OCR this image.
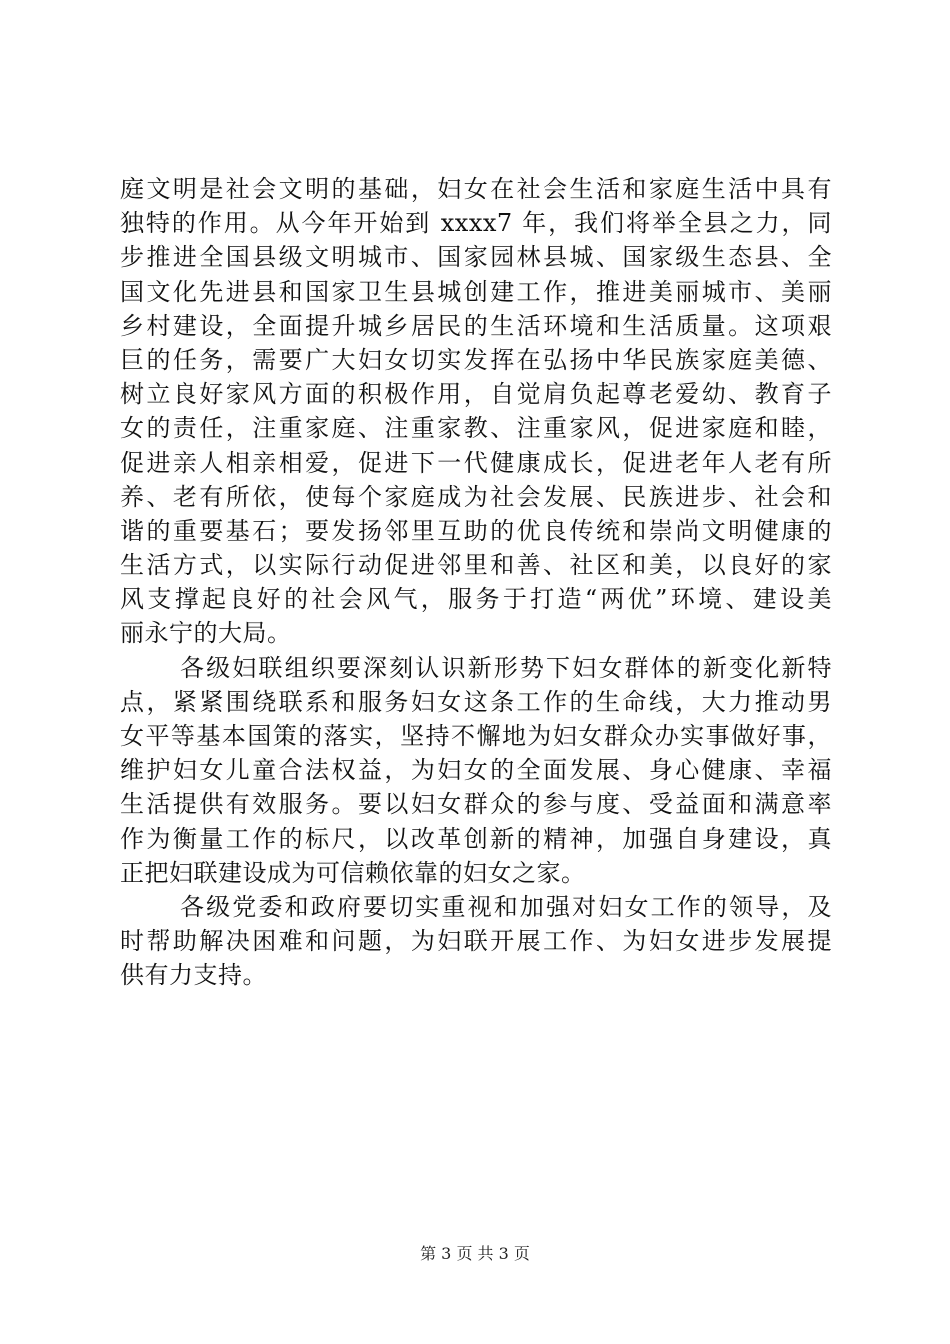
庭文明是社会文明的基础，妇女在社会生活和家庭生活中具有
独特的作用。从今年开始到 xxxx7 年，我们将举全县之力，同
步推进全国县级文明城市、国家园林县城、国家级生态县、全
国文化先进县和国家卫生县城创建工作，推进美丽城市、美丽
乡村建设，全面提升城乡居民的生活环境和生活质量。这项艰
巨的任务，需要广大妇女切实发挥在弘扬中华民族家庭美德、
树立良好家风方面的积极作用，自觉肩负起尊老爱幼、教育子
女的责任，注重家庭、注重家教、注重家风，促进家庭和睦，
促进亲人相亲相爱，促进下一代健康成长，促进老年人老有所
养、老有所依，使每个家庭成为社会发展、民族进步、社会和
谐的重要基石；要发扬邻里互助的优良传统和崇尚文明健康的
生活方式，以实际行动促进邻里和善、社区和美，以良好的家
风支撑起良好的社会风气，服务于打造“两优”环境、建设美
丽永宁的大局。
各级妇联组织要深刻认识新形势下妇女群体的新变化新特
点，紧紧围绕联系和服务妇女这条工作的生命线，大力推动男
女平等基本国策的落实，坚持不懈地为妇女群众办实事做好事，
维护妇女儿童合法权益，为妇女的全面发展、身心健康、幸福
生活提供有效服务。要以妇女群众的参与度、受益面和满意率
作为衡量工作的标尺，以改革创新的精神，加强自身建设，真
正把妇联建设成为可信赖依靠的妇女之家。
各级党委和政府要切实重视和加强对妇女工作的领导，及
时帮助解决困难和问题，为妇联开展工作、为妇女进步发展提
供有力支持。
第 3 页 共 3 页
